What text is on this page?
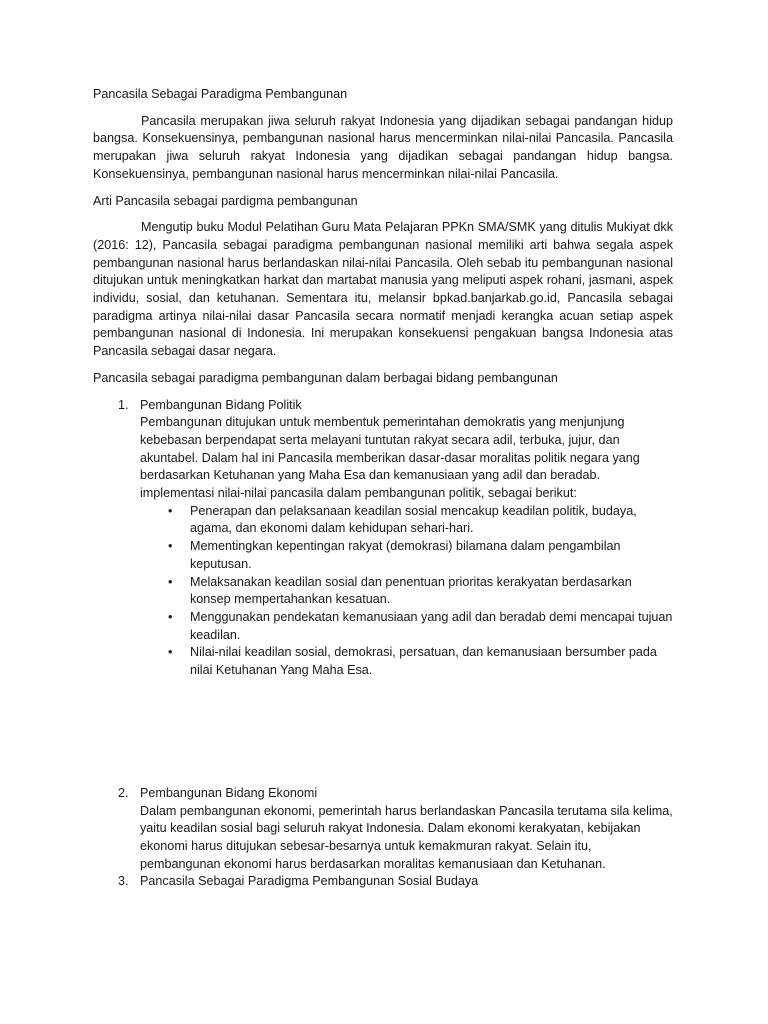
Pancasila Sebagai Paradigma Pembangunan

Pancasila merupakan jiwa seluruh rakyat Indonesia yang dijadikan sebagai pandangan hidup bangsa. Konsekuensinya, pembangunan nasional harus mencerminkan nilai-nilai Pancasila. Pancasila merupakan jiwa seluruh rakyat Indonesia yang dijadikan sebagai pandangan hidup bangsa. Konsekuensinya, pembangunan nasional harus mencerminkan nilai-nilai Pancasila.

Arti Pancasila sebagai pardigma pembangunan

Mengutip buku Modul Pelatihan Guru Mata Pelajaran PPKn SMA/SMK yang ditulis Mukiyat dkk (2016: 12), Pancasila sebagai paradigma pembangunan nasional memiliki arti bahwa segala aspek pembangunan nasional harus berlandaskan nilai-nilai Pancasila. Oleh sebab itu pembangunan nasional ditujukan untuk meningkatkan harkat dan martabat manusia yang meliputi aspek rohani, jasmani, aspek individu, sosial, dan ketuhanan. Sementara itu, melansir bpkad.banjarkab.go.id, Pancasila sebagai paradigma artinya nilai-nilai dasar Pancasila secara normatif menjadi kerangka acuan setiap aspek pembangunan nasional di Indonesia. Ini merupakan konsekuensi pengakuan bangsa Indonesia atas Pancasila sebagai dasar negara.

Pancasila sebagai paradigma pembangunan dalam berbagai bidang pembangunan

1. Pembangunan Bidang Politik
Pembangunan ditujukan untuk membentuk pemerintahan demokratis yang menjunjung kebebasan berpendapat serta melayani tuntutan rakyat secara adil, terbuka, jujur, dan akuntabel. Dalam hal ini Pancasila memberikan dasar-dasar moralitas politik negara yang berdasarkan Ketuhanan yang Maha Esa dan kemanusiaan yang adil dan beradab. implementasi nilai-nilai pancasila dalam pembangunan politik, sebagai berikut:
• Penerapan dan pelaksanaan keadilan sosial mencakup keadilan politik, budaya, agama, dan ekonomi dalam kehidupan sehari-hari.
• Mementingkan kepentingan rakyat (demokrasi) bilamana dalam pengambilan keputusan.
• Melaksanakan keadilan sosial dan penentuan prioritas kerakyatan berdasarkan konsep mempertahankan kesatuan.
• Menggunakan pendekatan kemanusiaan yang adil dan beradab demi mencapai tujuan keadilan.
• Nilai-nilai keadilan sosial, demokrasi, persatuan, dan kemanusiaan bersumber pada nilai Ketuhanan Yang Maha Esa.
2. Pembangunan Bidang Ekonomi
Dalam pembangunan ekonomi, pemerintah harus berlandaskan Pancasila terutama sila kelima, yaitu keadilan sosial bagi seluruh rakyat Indonesia. Dalam ekonomi kerakyatan, kebijakan ekonomi harus ditujukan sebesar-besarnya untuk kemakmuran rakyat. Selain itu, pembangunan ekonomi harus berdasarkan moralitas kemanusiaan dan Ketuhanan.
3. Pancasila Sebagai Paradigma Pembangunan Sosial Budaya
